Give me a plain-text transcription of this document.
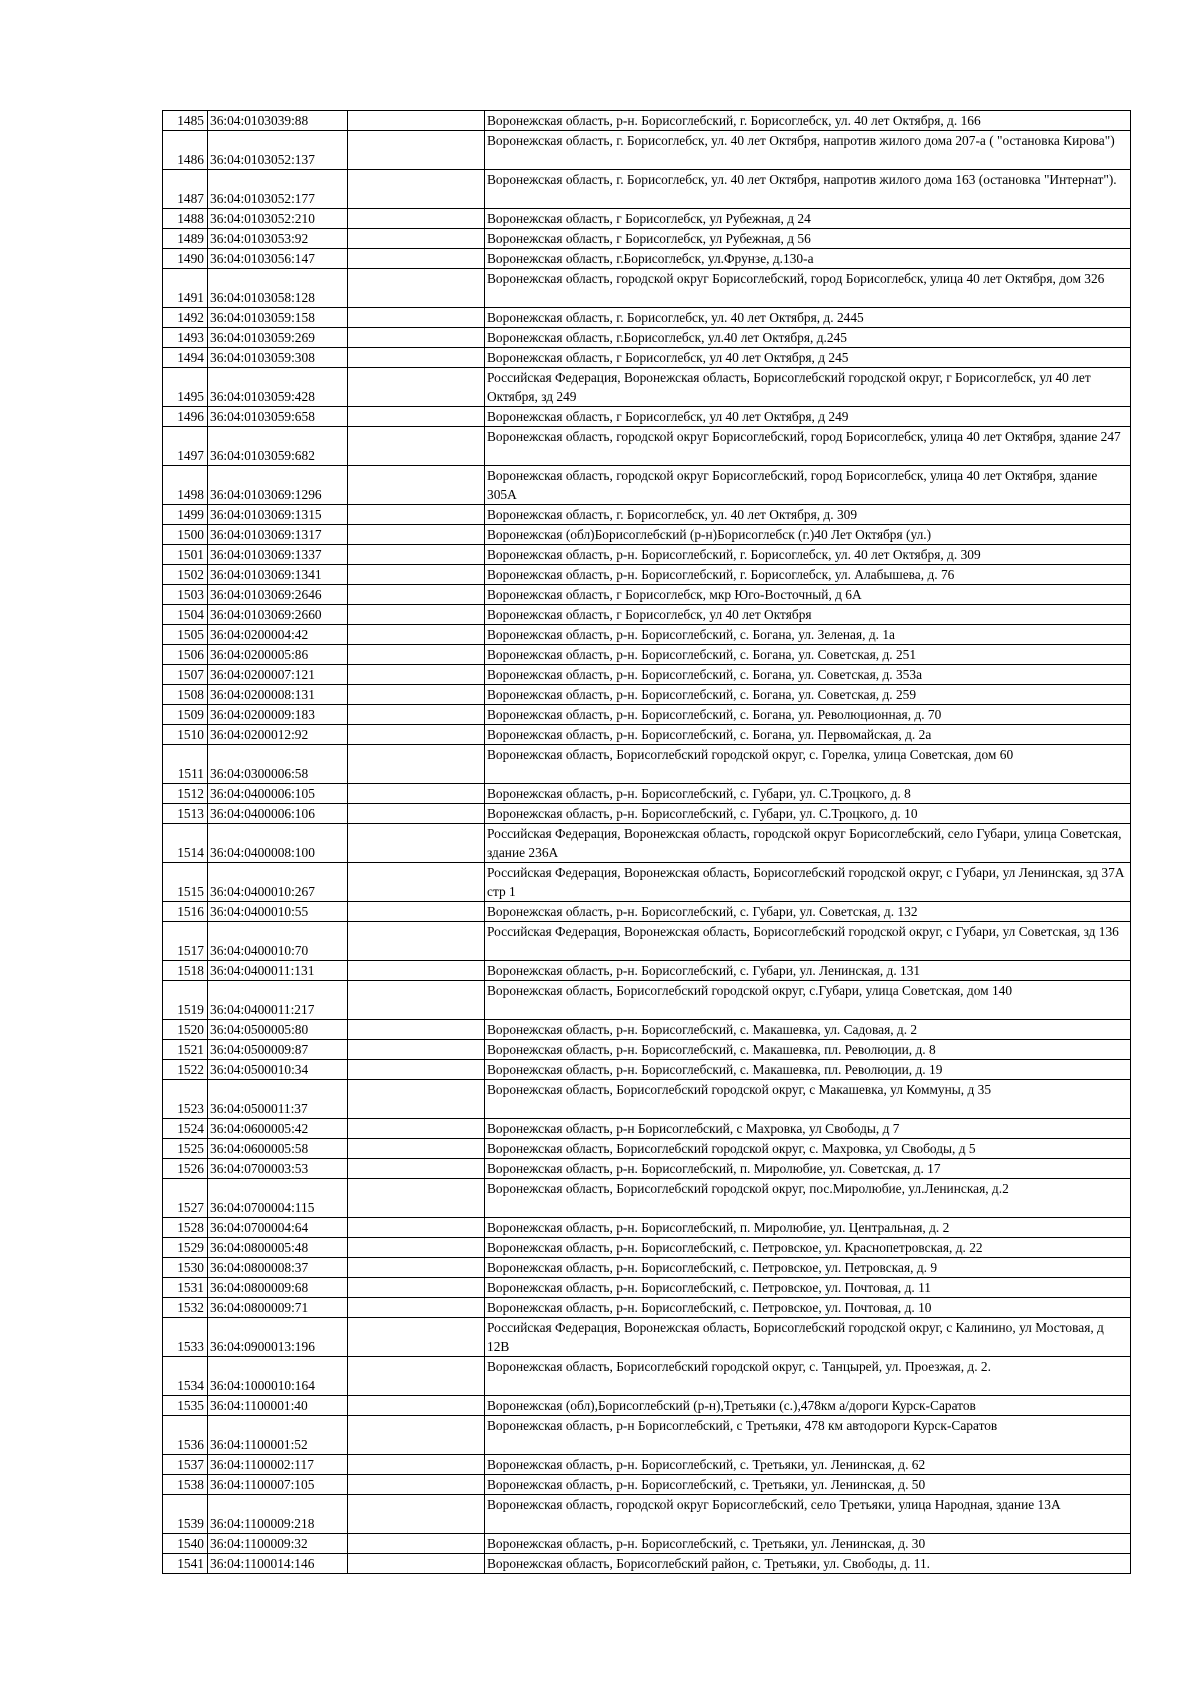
1485	36:04:0103039:88		Воронежская область, р-н. Борисоглебский, г. Борисоглебск, ул. 40 лет Октября, д. 166
1486	36:04:0103052:137		Воронежская область, г. Борисоглебск, ул. 40 лет Октября, напротив жилого дома 207-а ( "остановка Кирова")
1487	36:04:0103052:177		Воронежская область, г. Борисоглебск, ул. 40 лет Октября, напротив жилого дома 163 (остановка "Интернат").
1488	36:04:0103052:210		Воронежская область, г Борисоглебск, ул Рубежная, д 24
1489	36:04:0103053:92		Воронежская область, г Борисоглебск, ул Рубежная, д 56
1490	36:04:0103056:147		Воронежская область, г.Борисоглебск, ул.Фрунзе, д.130-а
1491	36:04:0103058:128		Воронежская область, городской округ Борисоглебский, город Борисоглебск, улица 40 лет Октября, дом 326
1492	36:04:0103059:158		Воронежская область, г. Борисоглебск, ул. 40 лет Октября, д. 2445
1493	36:04:0103059:269		Воронежская область, г.Борисоглебск, ул.40 лет Октября, д.245
1494	36:04:0103059:308		Воронежская область, г Борисоглебск, ул 40 лет Октября, д 245
1495	36:04:0103059:428		Российская Федерация, Воронежская область, Борисоглебский городской округ, г Борисоглебск, ул 40 лет Октября, зд 249
1496	36:04:0103059:658		Воронежская область, г Борисоглебск, ул 40 лет Октября, д 249
1497	36:04:0103059:682		Воронежская область, городской округ Борисоглебский, город Борисоглебск, улица 40 лет Октября, здание 247
1498	36:04:0103069:1296		Воронежская область, городской округ Борисоглебский, город Борисоглебск, улица 40 лет Октября, здание 305А
1499	36:04:0103069:1315		Воронежская область, г. Борисоглебск, ул. 40 лет Октября, д. 309
1500	36:04:0103069:1317		Воронежская (обл)Борисоглебский (р-н)Борисоглебск (г.)40 Лет Октября (ул.)
1501	36:04:0103069:1337		Воронежская область, р-н. Борисоглебский, г. Борисоглебск, ул. 40 лет Октября, д. 309
1502	36:04:0103069:1341		Воронежская область, р-н. Борисоглебский, г. Борисоглебск, ул. Алабышева, д. 76
1503	36:04:0103069:2646		Воронежская область, г Борисоглебск, мкр Юго-Восточный, д 6А
1504	36:04:0103069:2660		Воронежская область, г Борисоглебск, ул 40 лет Октября
1505	36:04:0200004:42		Воронежская область, р-н. Борисоглебский, с. Богана, ул. Зеленая, д. 1а
1506	36:04:0200005:86		Воронежская область, р-н. Борисоглебский, с. Богана, ул. Советская, д. 251
1507	36:04:0200007:121		Воронежская область, р-н. Борисоглебский, с. Богана, ул. Советская, д. 353а
1508	36:04:0200008:131		Воронежская область, р-н. Борисоглебский, с. Богана, ул. Советская, д. 259
1509	36:04:0200009:183		Воронежская область, р-н. Борисоглебский, с. Богана, ул. Революционная, д. 70
1510	36:04:0200012:92		Воронежская область, р-н. Борисоглебский, с. Богана, ул. Первомайская, д. 2а
1511	36:04:0300006:58		Воронежская область, Борисоглебский городской округ, с. Горелка, улица Советская, дом 60
1512	36:04:0400006:105		Воронежская область, р-н. Борисоглебский, с. Губари, ул. С.Троцкого, д. 8
1513	36:04:0400006:106		Воронежская область, р-н. Борисоглебский, с. Губари, ул. С.Троцкого, д. 10
1514	36:04:0400008:100		Российская Федерация, Воронежская область, городской округ Борисоглебский, село Губари, улица Советская, здание 236А
1515	36:04:0400010:267		Российская Федерация, Воронежская область, Борисоглебский городской округ, с Губари, ул Ленинская, зд 37А стр 1
1516	36:04:0400010:55		Воронежская область, р-н. Борисоглебский, с. Губари, ул. Советская, д. 132
1517	36:04:0400010:70		Российская Федерация, Воронежская область, Борисоглебский городской округ, с Губари, ул Советская, зд 136
1518	36:04:0400011:131		Воронежская область, р-н. Борисоглебский, с. Губари, ул. Ленинская, д. 131
1519	36:04:0400011:217		Воронежская область, Борисоглебский городской округ, с.Губари, улица Советская, дом 140
1520	36:04:0500005:80		Воронежская область, р-н. Борисоглебский, с. Макашевка, ул. Садовая, д. 2
1521	36:04:0500009:87		Воронежская область, р-н. Борисоглебский, с. Макашевка, пл. Революции, д. 8
1522	36:04:0500010:34		Воронежская область, р-н. Борисоглебский, с. Макашевка, пл. Революции, д. 19
1523	36:04:0500011:37		Воронежская область, Борисоглебский городской округ, с Макашевка, ул Коммуны, д 35
1524	36:04:0600005:42		Воронежская область, р-н Борисоглебский, с Махровка, ул Свободы, д 7
1525	36:04:0600005:58		Воронежская область, Борисоглебский городской округ, с. Махровка, ул Свободы, д 5
1526	36:04:0700003:53		Воронежская область, р-н. Борисоглебский, п. Миролюбие, ул. Советская, д. 17
1527	36:04:0700004:115		Воронежская область, Борисоглебский городской округ, пос.Миролюбие, ул.Ленинская, д.2
1528	36:04:0700004:64		Воронежская область, р-н. Борисоглебский, п. Миролюбие, ул. Центральная, д. 2
1529	36:04:0800005:48		Воронежская область, р-н. Борисоглебский, с. Петровское, ул. Краснопетровская, д. 22
1530	36:04:0800008:37		Воронежская область, р-н. Борисоглебский, с. Петровское, ул. Петровская, д. 9
1531	36:04:0800009:68		Воронежская область, р-н. Борисоглебский, с. Петровское, ул. Почтовая, д. 11
1532	36:04:0800009:71		Воронежская область, р-н. Борисоглебский, с. Петровское, ул. Почтовая, д. 10
1533	36:04:0900013:196		Российская Федерация, Воронежская область, Борисоглебский городской округ, с Калинино, ул Мостовая, д 12В
1534	36:04:1000010:164		Воронежская область, Борисоглебский городской округ, с. Танцырей, ул. Проезжая, д. 2.
1535	36:04:1100001:40		Воронежская (обл),Борисоглебский (р-н),Третьяки (с.),478км а/дороги Курск-Саратов
1536	36:04:1100001:52		Воронежская область, р-н Борисоглебский, с Третьяки, 478 км автодороги Курск-Саратов
1537	36:04:1100002:117		Воронежская область, р-н. Борисоглебский, с. Третьяки, ул. Ленинская, д. 62
1538	36:04:1100007:105		Воронежская область, р-н. Борисоглебский, с. Третьяки, ул. Ленинская, д. 50
1539	36:04:1100009:218		Воронежская область, городской округ Борисоглебский, село Третьяки, улица Народная, здание 13А
1540	36:04:1100009:32		Воронежская область, р-н. Борисоглебский, с. Третьяки, ул. Ленинская, д. 30
1541	36:04:1100014:146		Воронежская область, Борисоглебский район, с. Третьяки, ул. Свободы, д. 11.
